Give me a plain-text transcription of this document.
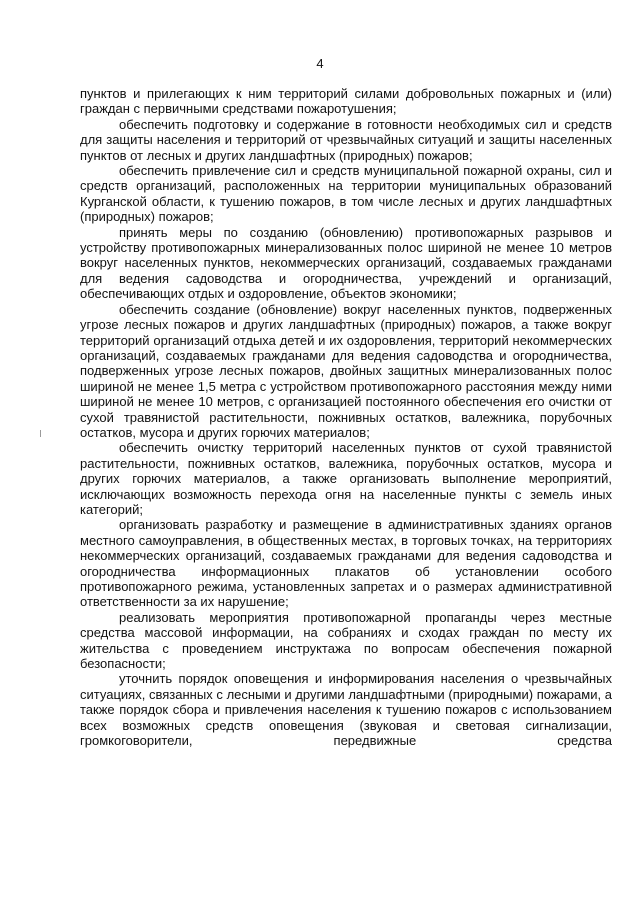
4

пунктов и прилегающих к ним территорий силами добровольных пожарных и (или) граждан с первичными средствами пожаротушения;

обеспечить подготовку и содержание в готовности необходимых сил и средств для защиты населения и территорий от чрезвычайных ситуаций и защиты населенных пунктов от лесных и других ландшафтных (природных) пожаров;

обеспечить привлечение сил и средств муниципальной пожарной охраны, сил и средств организаций, расположенных на территории муниципальных образований Курганской области, к тушению пожаров, в том числе лесных и других ландшафтных (природных) пожаров;

принять меры по созданию (обновлению) противопожарных разрывов и устройству противопожарных минерализованных полос шириной не менее 10 метров вокруг населенных пунктов, некоммерческих организаций, создаваемых гражданами для ведения садоводства и огородничества, учреждений и организаций, обеспечивающих отдых и оздоровление, объектов экономики;

обеспечить создание (обновление) вокруг населенных пунктов, подверженных угрозе лесных пожаров и других ландшафтных (природных) пожаров, а также вокруг территорий организаций отдыха детей и их оздоровления, территорий некоммерческих организаций, создаваемых гражданами для ведения садоводства и огородничества, подверженных угрозе лесных пожаров, двойных защитных минерализованных полос шириной не менее 1,5 метра с устройством противопожарного расстояния между ними шириной не менее 10 метров, с организацией постоянного обеспечения его очистки от сухой травянистой растительности, пожнивных остатков, валежника, порубочных остатков, мусора и других горючих материалов;

обеспечить очистку территорий населенных пунктов от сухой травянистой растительности, пожнивных остатков, валежника, порубочных остатков, мусора и других горючих материалов, а также организовать выполнение мероприятий, исключающих возможность перехода огня на населенные пункты с земель иных категорий;

организовать разработку и размещение в административных зданиях органов местного самоуправления, в общественных местах, в торговых точках, на территориях некоммерческих организаций, создаваемых гражданами для ведения садоводства и огородничества информационных плакатов об установлении особого противопожарного режима, установленных запретах и о размерах административной ответственности за их нарушение;

реализовать мероприятия противопожарной пропаганды через местные средства массовой информации, на собраниях и сходах граждан по месту их жительства с проведением инструктажа по вопросам обеспечения пожарной безопасности;

уточнить порядок оповещения и информирования населения о чрезвычайных ситуациях, связанных с лесными и другими ландшафтными (природными) пожарами, а также порядок сбора и привлечения населения к тушению пожаров с использованием всех возможных средств оповещения (звуковая и световая сигнализации, громкоговорители, передвижные средства
